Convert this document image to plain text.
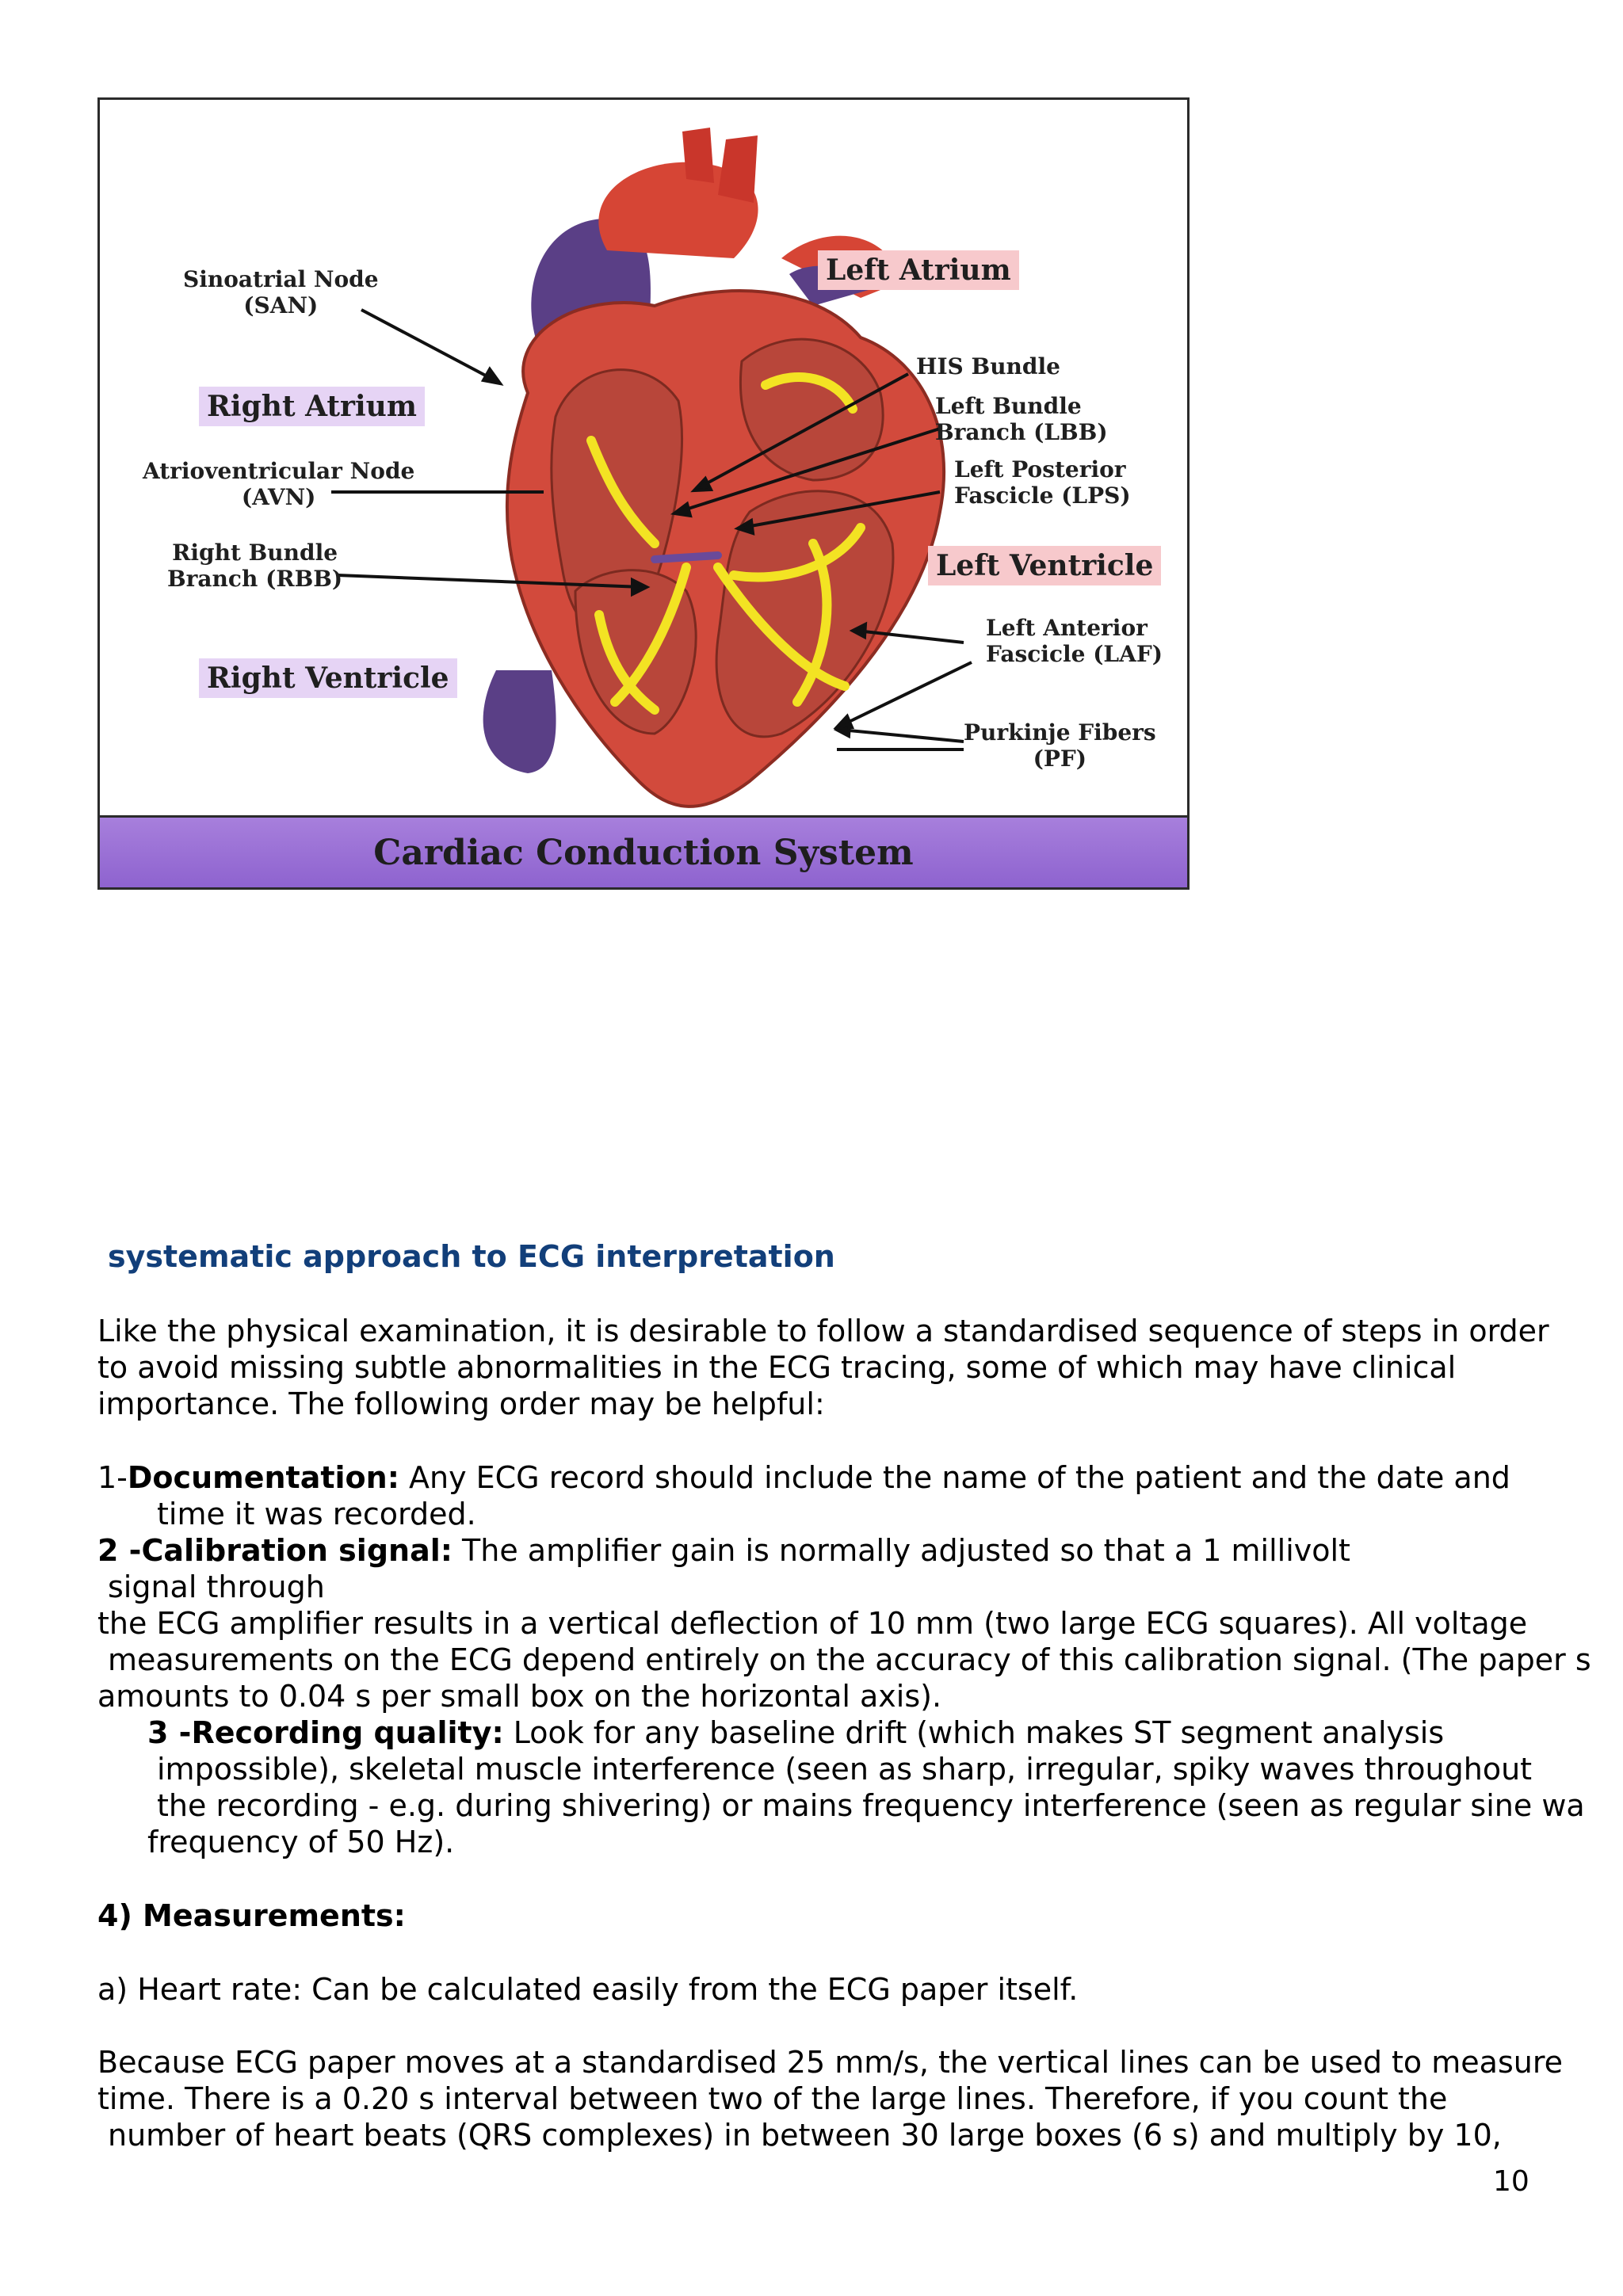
Sinoatrial Node
(SAN)
Right Atrium
Atrioventricular Node
(AVN)
Right Bundle
Branch (RBB)
Right Ventricle
Left Atrium
HIS Bundle
Left Bundle
Branch (LBB)
Left Posterior
Fascicle (LPS)
Left Ventricle
Left Anterior
Fascicle (LAF)
Purkinje Fibers
(PF)
Cardiac Conduction System
systematic approach to ECG interpretation
Like the physical examination, it is desirable to follow a standardised sequence of steps in order
to avoid missing subtle abnormalities in the ECG tracing, some of which may have clinical
importance. The following order may be helpful:
1-Documentation: Any ECG record should include the name of the patient and the date and
time it was recorded.
2 -Calibration signal: The amplifier gain is normally adjusted so that a 1 millivolt
signal through
the ECG amplifier results in a vertical deflection of 10 mm (two large ECG squares). All voltage
measurements on the ECG depend entirely on the accuracy of this calibration signal. (The paper s
amounts to 0.04 s per small box on the horizontal axis).
3 -Recording quality: Look for any baseline drift (which makes ST segment analysis
impossible), skeletal muscle interference (seen as sharp, irregular, spiky waves throughout
the recording - e.g. during shivering) or mains frequency interference (seen as regular sine wa
frequency of 50 Hz).
4) Measurements:
a) Heart rate: Can be calculated easily from the ECG paper itself.
Because ECG paper moves at a standardised 25 mm/s, the vertical lines can be used to measure
time. There is a 0.20 s interval between two of the large lines. Therefore, if you count the
number of heart beats (QRS complexes) in between 30 large boxes (6 s) and multiply by 10,
10
